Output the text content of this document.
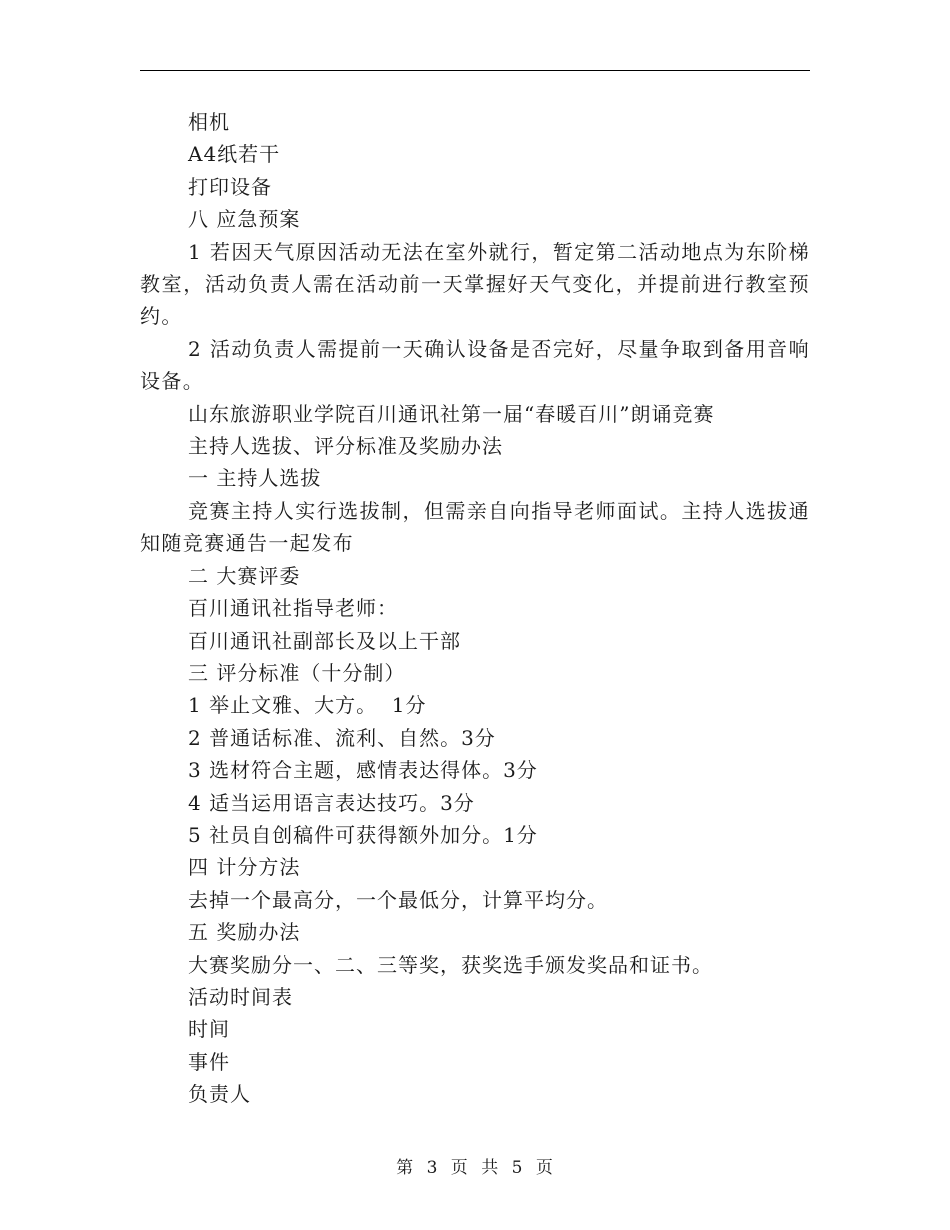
相机
A4纸若干
打印设备
八 应急预案
1 若因天气原因活动无法在室外就行，暂定第二活动地点为东阶梯教室，活动负责人需在活动前一天掌握好天气变化，并提前进行教室预约。
2 活动负责人需提前一天确认设备是否完好，尽量争取到备用音响设备。
山东旅游职业学院百川通讯社第一届“春暖百川”朗诵竞赛
主持人选拔、评分标准及奖励办法
一 主持人选拔
竞赛主持人实行选拔制，但需亲自向指导老师面试。主持人选拔通知随竞赛通告一起发布
二 大赛评委
百川通讯社指导老师：
百川通讯社副部长及以上干部
三 评分标准（十分制）
1 举止文雅、大方。  1分
2 普通话标准、流利、自然。3分
3 选材符合主题，感情表达得体。3分
4 适当运用语言表达技巧。3分
5 社员自创稿件可获得额外加分。1分
四 计分方法
去掉一个最高分，一个最低分，计算平均分。
五 奖励办法
大赛奖励分一、二、三等奖，获奖选手颁发奖品和证书。
活动时间表
时间
事件
负责人
第 3 页 共 5 页
